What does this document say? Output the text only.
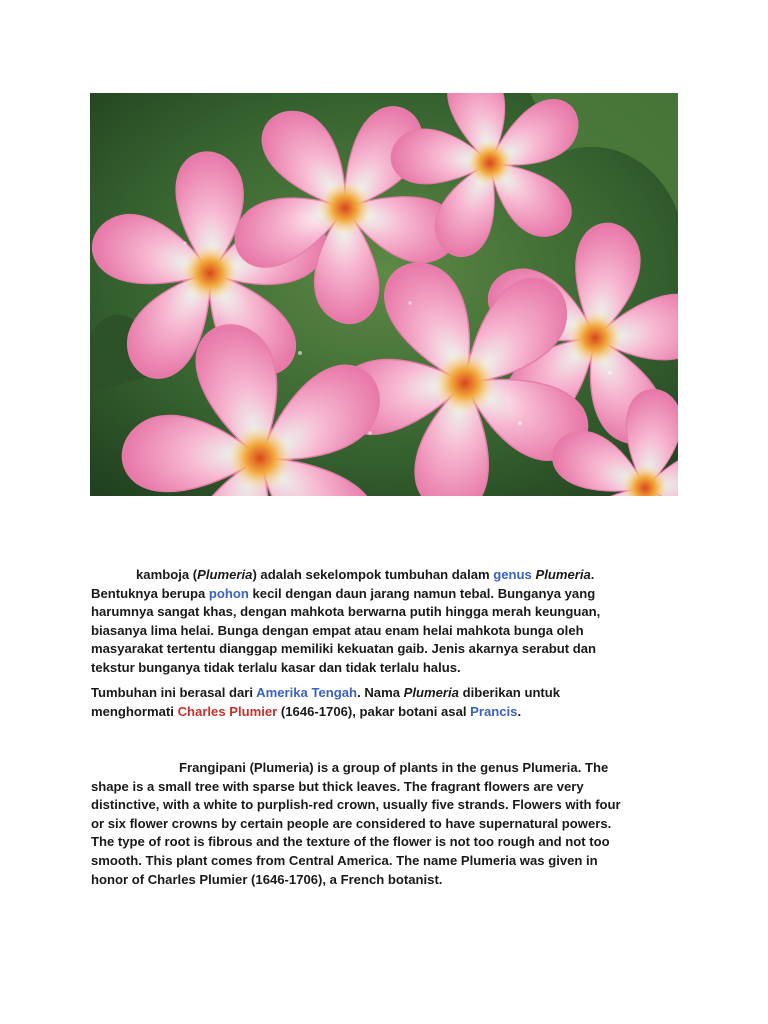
kamboja (Plumeria) adalah sekelompok tumbuhan dalam genus Plumeria.
Bentuknya berupa pohon kecil dengan daun jarang namun tebal. Bunganya yang
harumnya sangat khas, dengan mahkota berwarna putih hingga merah keunguan,
biasanya lima helai. Bunga dengan empat atau enam helai mahkota bunga oleh
masyarakat tertentu dianggap memiliki kekuatan gaib. Jenis akarnya serabut dan
tekstur bunganya tidak terlalu kasar dan tidak terlalu halus.

Tumbuhan ini berasal dari Amerika Tengah. Nama Plumeria diberikan untuk
menghormati Charles Plumier (1646-1706), pakar botani asal Prancis.

Frangipani (Plumeria) is a group of plants in the genus Plumeria. The
shape is a small tree with sparse but thick leaves. The fragrant flowers are very
distinctive, with a white to purplish-red crown, usually five strands. Flowers with four
or six flower crowns by certain people are considered to have supernatural powers.
The type of root is fibrous and the texture of the flower is not too rough and not too
smooth. This plant comes from Central America. The name Plumeria was given in
honor of Charles Plumier (1646-1706), a French botanist.
